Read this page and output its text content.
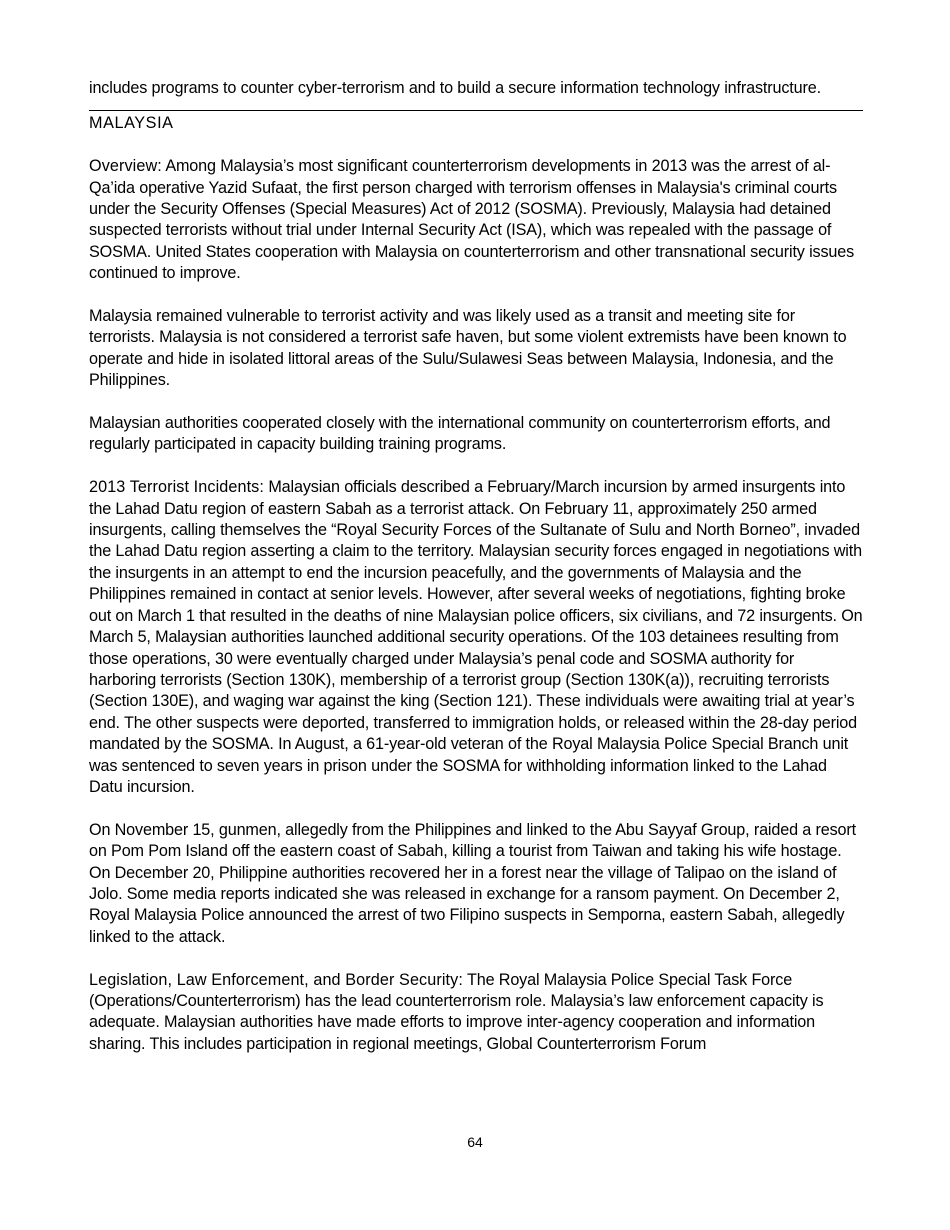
includes programs to counter cyber-terrorism and to build a secure information technology infrastructure.

MALAYSIA

Overview: Among Malaysia’s most significant counterterrorism developments in 2013 was the arrest of al-Qa’ida operative Yazid Sufaat, the first person charged with terrorism offenses in Malaysia's criminal courts under the Security Offenses (Special Measures) Act of 2012 (SOSMA). Previously, Malaysia had detained suspected terrorists without trial under Internal Security Act (ISA), which was repealed with the passage of SOSMA. United States cooperation with Malaysia on counterterrorism and other transnational security issues continued to improve.

Malaysia remained vulnerable to terrorist activity and was likely used as a transit and meeting site for terrorists. Malaysia is not considered a terrorist safe haven, but some violent extremists have been known to operate and hide in isolated littoral areas of the Sulu/Sulawesi Seas between Malaysia, Indonesia, and the Philippines.

Malaysian authorities cooperated closely with the international community on counterterrorism efforts, and regularly participated in capacity building training programs.

2013 Terrorist Incidents: Malaysian officials described a February/March incursion by armed insurgents into the Lahad Datu region of eastern Sabah as a terrorist attack. On February 11, approximately 250 armed insurgents, calling themselves the “Royal Security Forces of the Sultanate of Sulu and North Borneo”, invaded the Lahad Datu region asserting a claim to the territory. Malaysian security forces engaged in negotiations with the insurgents in an attempt to end the incursion peacefully, and the governments of Malaysia and the Philippines remained in contact at senior levels. However, after several weeks of negotiations, fighting broke out on March 1 that resulted in the deaths of nine Malaysian police officers, six civilians, and 72 insurgents. On March 5, Malaysian authorities launched additional security operations. Of the 103 detainees resulting from those operations, 30 were eventually charged under Malaysia’s penal code and SOSMA authority for harboring terrorists (Section 130K), membership of a terrorist group (Section 130K(a)), recruiting terrorists (Section 130E), and waging war against the king (Section 121). These individuals were awaiting trial at year’s end. The other suspects were deported, transferred to immigration holds, or released within the 28-day period mandated by the SOSMA. In August, a 61-year-old veteran of the Royal Malaysia Police Special Branch unit was sentenced to seven years in prison under the SOSMA for withholding information linked to the Lahad Datu incursion.

On November 15, gunmen, allegedly from the Philippines and linked to the Abu Sayyaf Group, raided a resort on Pom Pom Island off the eastern coast of Sabah, killing a tourist from Taiwan and taking his wife hostage. On December 20, Philippine authorities recovered her in a forest near the village of Talipao on the island of Jolo. Some media reports indicated she was released in exchange for a ransom payment. On December 2, Royal Malaysia Police announced the arrest of two Filipino suspects in Semporna, eastern Sabah, allegedly linked to the attack.

Legislation, Law Enforcement, and Border Security: The Royal Malaysia Police Special Task Force (Operations/Counterterrorism) has the lead counterterrorism role. Malaysia’s law enforcement capacity is adequate. Malaysian authorities have made efforts to improve inter-agency cooperation and information sharing. This includes participation in regional meetings, Global Counterterrorism Forum

64
